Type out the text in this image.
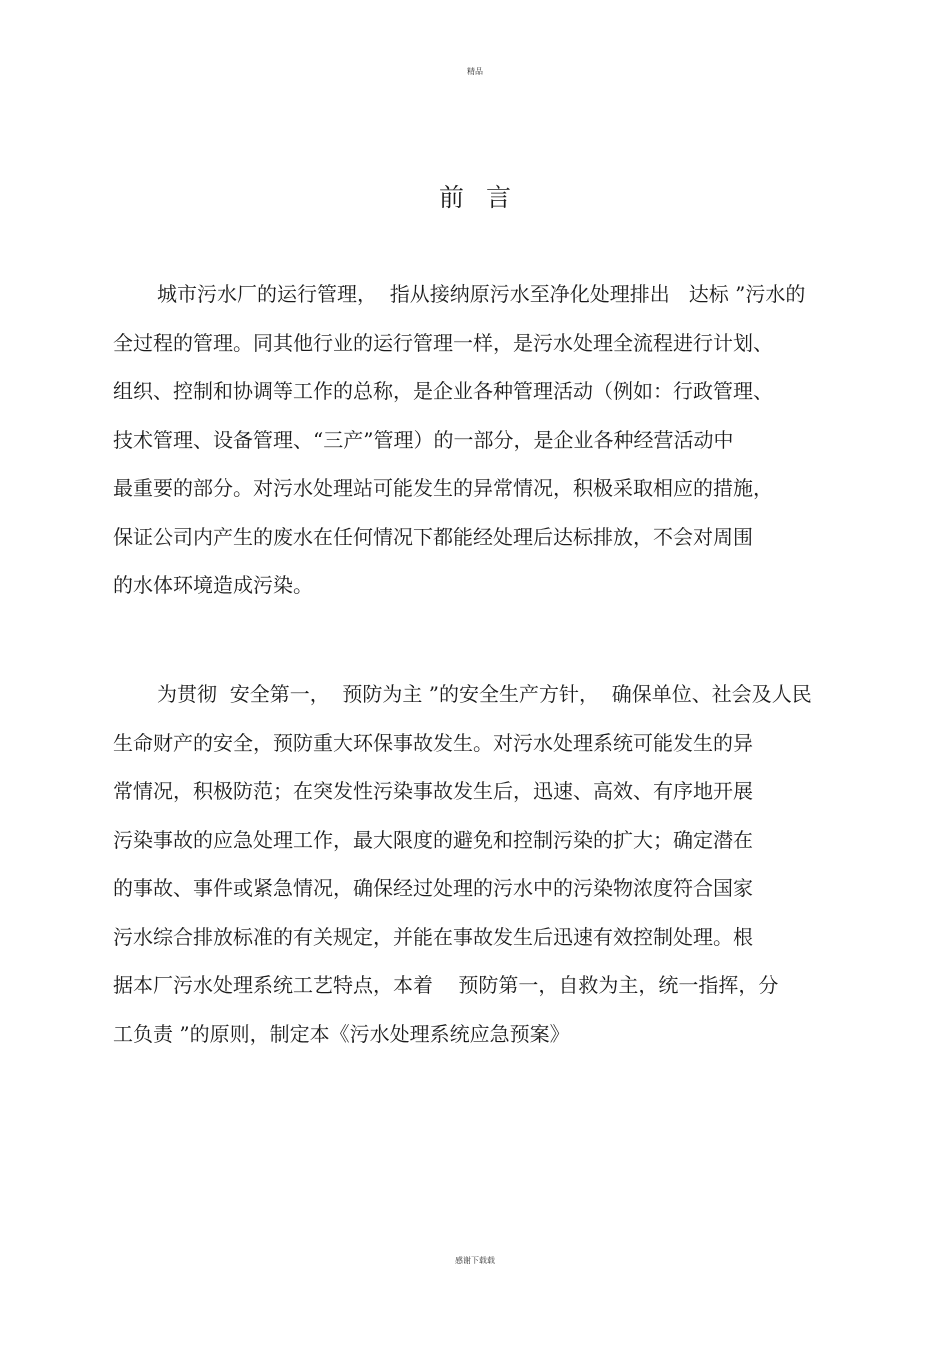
精品
前言
城市污水厂的运行管理，  指从接纳原污水至净化处理排出   达标 ”污水的
全过程的管理。同其他行业的运行管理一样，是污水处理全流程进行计划、
组织、控制和协调等工作的总称，是企业各种管理活动（例如：行政管理、
技术管理、设备管理、“三产”管理）的一部分，是企业各种经营活动中
最重要的部分。对污水处理站可能发生的异常情况，积极采取相应的措施，
保证公司内产生的废水在任何情况下都能经处理后达标排放，不会对周围
的水体环境造成污染。
为贯彻  安全第一，  预防为主 ”的安全生产方针，  确保单位、社会及人民
生命财产的安全，预防重大环保事故发生。对污水处理系统可能发生的异
常情况，积极防范；在突发性污染事故发生后，迅速、高效、有序地开展
污染事故的应急处理工作，最大限度的避免和控制污染的扩大；确定潜在
的事故、事件或紧急情况，确保经过处理的污水中的污染物浓度符合国家
污水综合排放标准的有关规定，并能在事故发生后迅速有效控制处理。根
据本厂污水处理系统工艺特点，本着    预防第一，自救为主，统一指挥，分
工负责 ”的原则，制定本《污水处理系统应急预案》
感谢下载载
